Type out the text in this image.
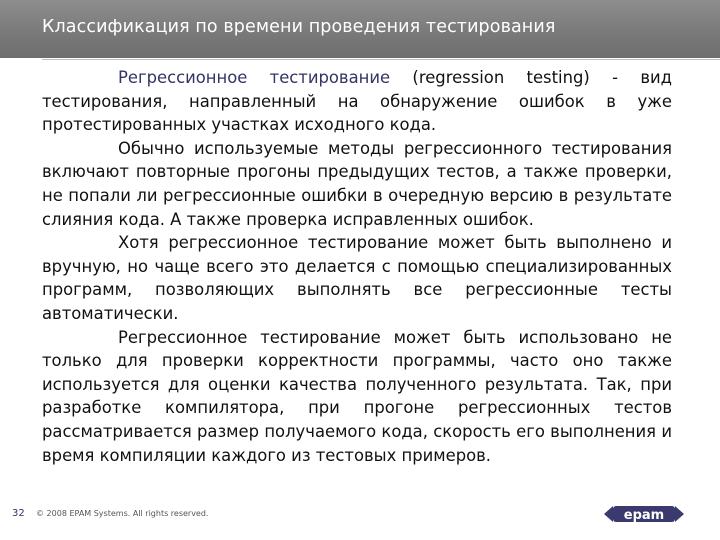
Классификация по времени проведения тестирования

Регрессионное тестирование (regression testing) - вид тестирования, направленный на обнаружение ошибок в уже протестированных участках исходного кода.

Обычно используемые методы регрессионного тестирования включают повторные прогоны предыдущих тестов, а также проверки, не попали ли регрессионные ошибки в очередную версию в результате слияния кода. А также проверка исправленных ошибок.

Хотя регрессионное тестирование может быть выполнено и вручную, но чаще всего это делается с помощью специализированных программ, позволяющих выполнять все регрессионные тесты автоматически.

Регрессионное тестирование может быть использовано не только для проверки корректности программы, часто оно также используется для оценки качества полученного результата. Так, при разработке компилятора, при прогоне регрессионных тестов рассматривается размер получаемого кода, скорость его выполнения и время компиляции каждого из тестовых примеров.

32 © 2008 EPAM Systems. All rights reserved.	epam
